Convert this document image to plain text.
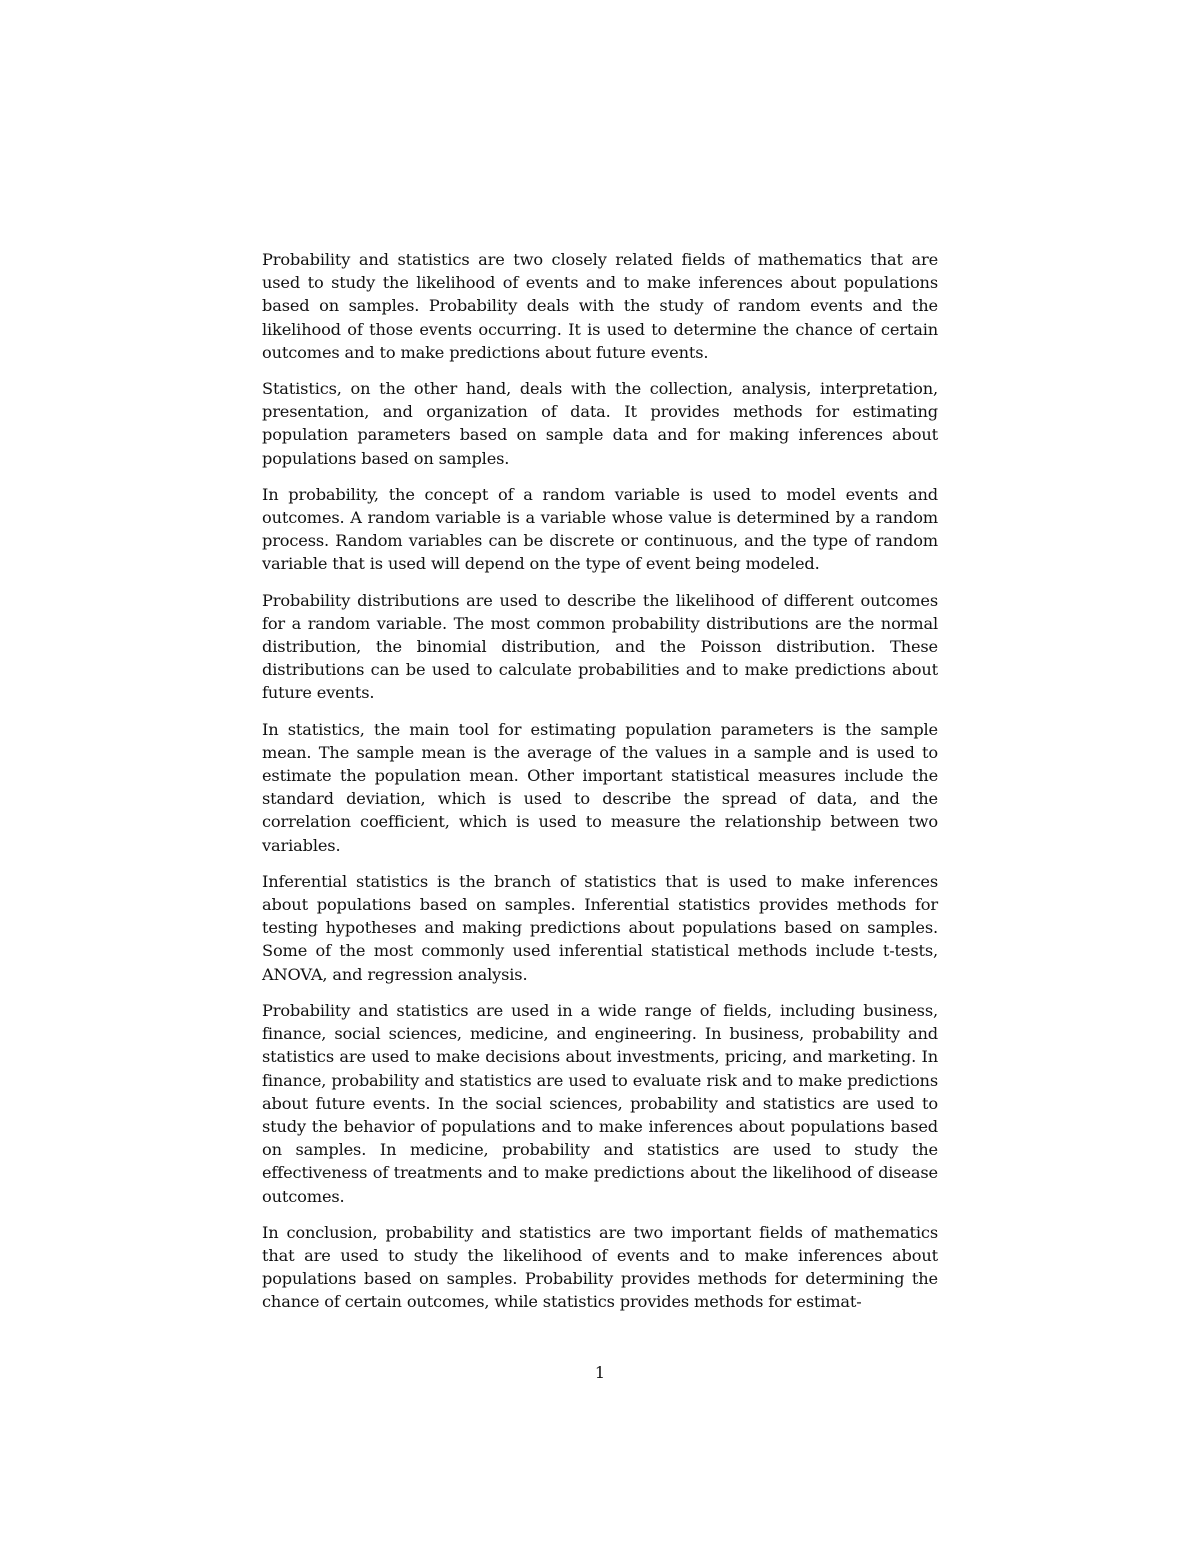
Probability and statistics are two closely related fields of mathematics that are used to study the likelihood of events and to make inferences about populations based on samples. Probability deals with the study of random events and the likelihood of those events occurring. It is used to determine the chance of certain outcomes and to make predictions about future events.

Statistics, on the other hand, deals with the collection, analysis, interpretation, presentation, and organization of data. It provides methods for estimating population parameters based on sample data and for making inferences about populations based on samples.

In probability, the concept of a random variable is used to model events and outcomes. A random variable is a variable whose value is determined by a random process. Random variables can be discrete or continuous, and the type of random variable that is used will depend on the type of event being modeled.

Probability distributions are used to describe the likelihood of different outcomes for a random variable. The most common probability distributions are the normal distribution, the binomial distribution, and the Poisson distribution. These distributions can be used to calculate probabilities and to make predictions about future events.

In statistics, the main tool for estimating population parameters is the sample mean. The sample mean is the average of the values in a sample and is used to estimate the population mean. Other important statistical measures include the standard deviation, which is used to describe the spread of data, and the correlation coefficient, which is used to measure the relationship between two variables.

Inferential statistics is the branch of statistics that is used to make inferences about populations based on samples. Inferential statistics provides methods for testing hypotheses and making predictions about populations based on samples. Some of the most commonly used inferential statistical methods include t-tests, ANOVA, and regression analysis.

Probability and statistics are used in a wide range of fields, including business, finance, social sciences, medicine, and engineering. In business, probability and statistics are used to make decisions about investments, pricing, and marketing. In finance, probability and statistics are used to evaluate risk and to make predictions about future events. In the social sciences, probability and statistics are used to study the behavior of populations and to make inferences about populations based on samples. In medicine, probability and statistics are used to study the effectiveness of treatments and to make predictions about the likelihood of disease outcomes.

In conclusion, probability and statistics are two important fields of mathematics that are used to study the likelihood of events and to make inferences about populations based on samples. Probability provides methods for determining the chance of certain outcomes, while statistics provides methods for estimat-

1
